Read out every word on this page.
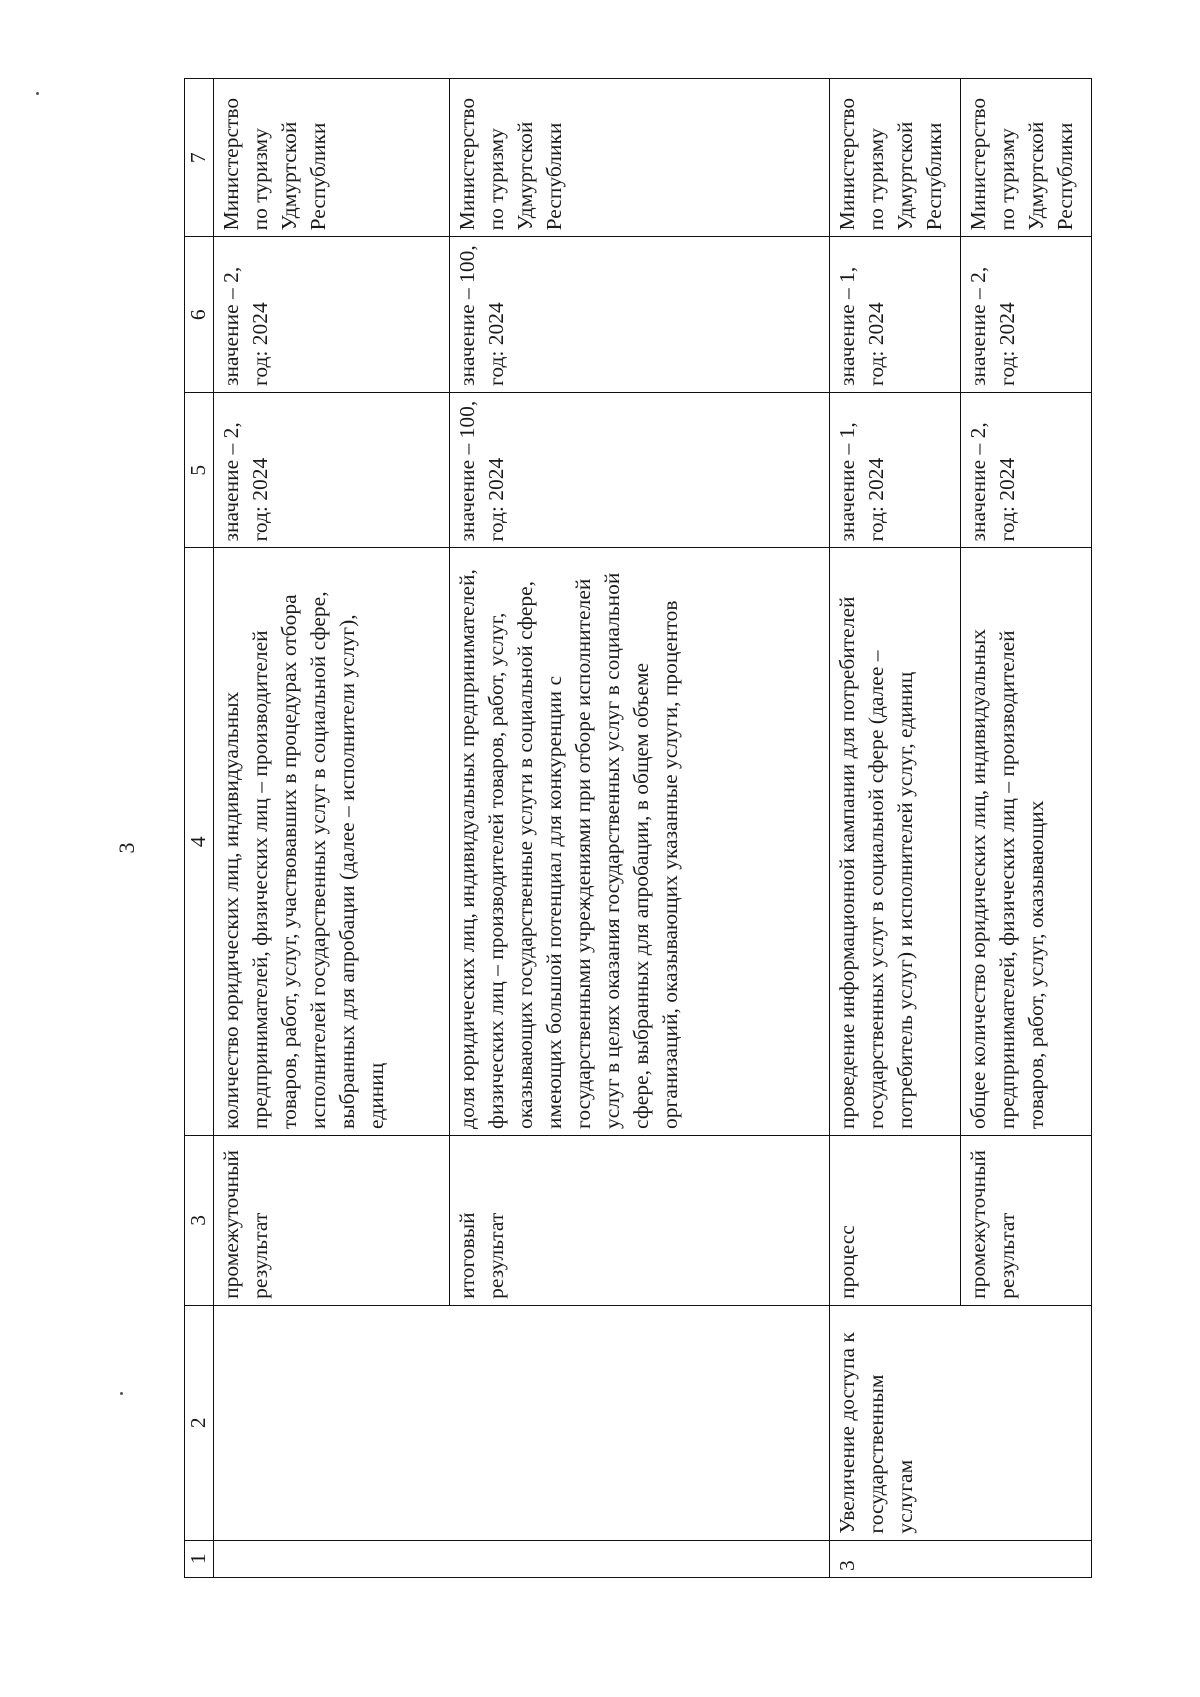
3
1	2	3	4	5	6	7
		промежуточный результат	количество юридических лиц, индивидуальных предпринимателей, физических лиц – производителей товаров, работ, услуг, участвовавших в процедурах отбора исполнителей государственных услуг в социальной сфере, выбранных для апробации (далее – исполнители услуг), единиц	значение – 2, год: 2024	значение – 2, год: 2024	Министерство по туризму Удмуртской Республики
		итоговый результат	доля юридических лиц, индивидуальных предпринимателей, физических лиц – производителей товаров, работ, услуг, оказывающих государственные услуги в социальной сфере, имеющих большой потенциал для конкуренции с государственными учреждениями при отборе исполнителей услуг в целях оказания государственных услуг в социальной сфере, выбранных для апробации, в общем объеме организаций, оказывающих указанные услуги, процентов	значение – 100, год: 2024	значение – 100, год: 2024	Министерство по туризму Удмуртской Республики
3	Увеличение доступа к государственным услугам	процесс	проведение информационной кампании для потребителей государственных услуг в социальной сфере (далее – потребитель услуг) и исполнителей услуг, единиц	значение – 1, год: 2024	значение – 1, год: 2024	Министерство по туризму Удмуртской Республики
		промежуточный результат	общее количество юридических лиц, индивидуальных предпринимателей, физических лиц – производителей товаров, работ, услуг, оказывающих	значение – 2, год: 2024	значение – 2, год: 2024	Министерство по туризму Удмуртской Республики
